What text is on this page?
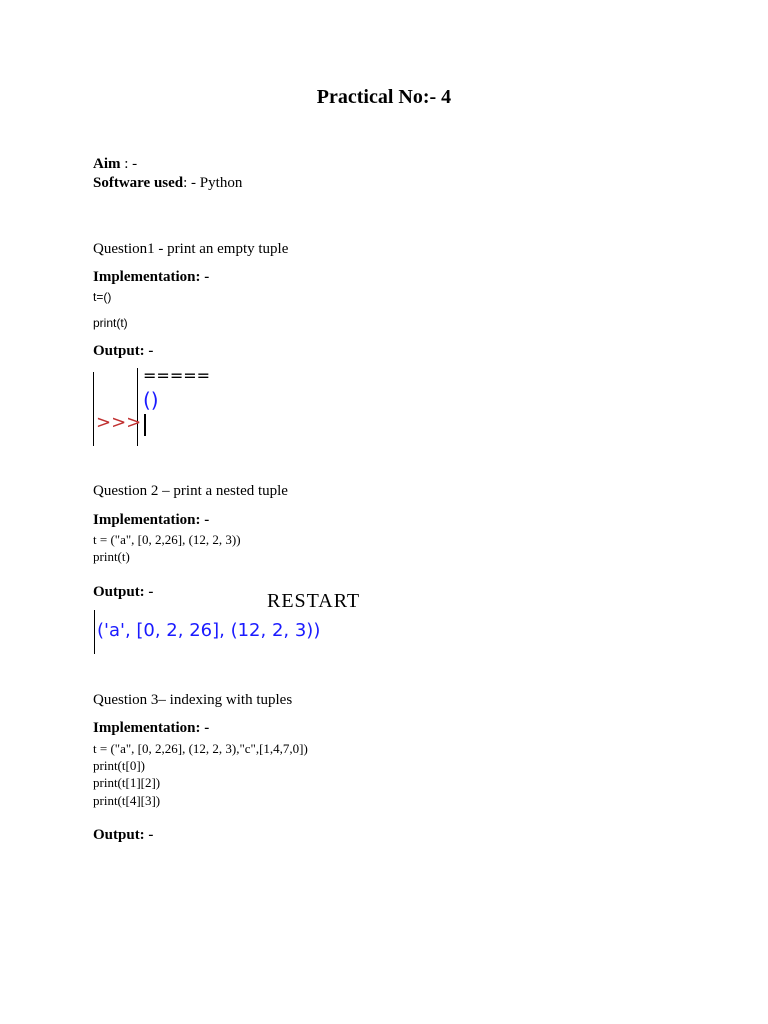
Practical No:- 4
Aim : -
Software used: - Python
Question1 - print an empty tuple
Implementation: -
t=()
print(t)
Output: -
=====
()
>>>
Question 2 – print a nested tuple
Implementation: -
t = ("a", [0, 2,26], (12, 2, 3))
print(t)
Output: -	RESTART
('a', [0, 2, 26], (12, 2, 3))
Question 3– indexing with tuples
Implementation: -
t = ("a", [0, 2,26], (12, 2, 3),"c",[1,4,7,0])
print(t[0])
print(t[1][2])
print(t[4][3])
Output: -
